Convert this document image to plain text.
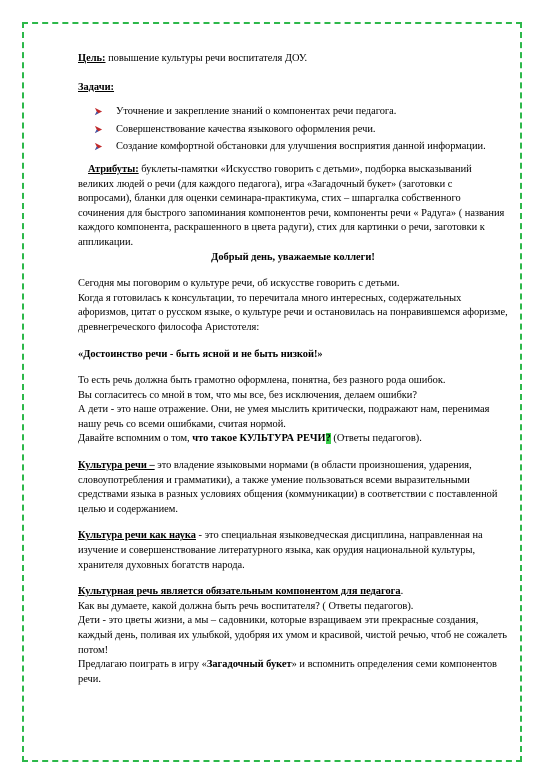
Цель: повышение культуры речи воспитателя ДОУ.

Задачи:

Уточнение и закрепление знаний о компонентах речи педагога.
Совершенствование качества языкового оформления речи.
Создание комфортной обстановки для улучшения восприятия данной информации.

Атрибуты: буклеты-памятки «Искусство говорить с детьми», подборка высказываний великих людей о речи (для каждого педагога), игра «Загадочный букет» (заготовки с вопросами), бланки для оценки семинара-практикума, стих – шпаргалка собственного сочинения для быстрого запоминания компонентов речи, компоненты речи « Радуга» ( названия каждого компонента, раскрашенного в цвета радуги), стих для картинки о речи, заготовки к аппликации.

Добрый день, уважаемые коллеги!

Сегодня мы поговорим о культуре речи, об искусстве говорить с детьми.

Когда я готовилась к консультации, то перечитала много интересных, содержательных афоризмов, цитат о русском языке, о культуре речи и остановилась на понравившемся афоризме, древнегреческого философа Аристотеля:

«Достоинство речи - быть ясной и не быть низкой!»

То есть речь должна быть грамотно оформлена, понятна, без разного рода ошибок.

Вы согласитесь со мной в том, что мы все, без исключения, делаем ошибки?

А дети - это наше отражение. Они, не умея мыслить критически, подражают нам, перенимая нашу речь со всеми ошибками, считая нормой.

Давайте вспомним о том, что такое КУЛЬТУРА РЕЧИ? (Ответы педагогов).

Культура речи – это владение языковыми нормами (в области произношения, ударения, словоупотребления и грамматики), а также умение пользоваться всеми выразительными средствами языка в разных условиях общения (коммуникации) в соответствии с поставленной целью и содержанием.

Культура речи как наука - это специальная языковедческая дисциплина, направленная на изучение и совершенствование литературного языка, как орудия национальной культуры, хранителя духовных богатств народа.

Культурная речь является обязательным компонентом для педагога.

Как вы думаете, какой должна быть речь воспитателя? ( Ответы педагогов).

Дети - это цветы жизни, а мы – садовники, которые взращиваем эти прекрасные создания, каждый день, поливая их улыбкой, удобряя их умом и красивой, чистой речью, чтоб не сожалеть потом!

Предлагаю поиграть в игру «Загадочный букет» и вспомнить определения семи компонентов речи.
